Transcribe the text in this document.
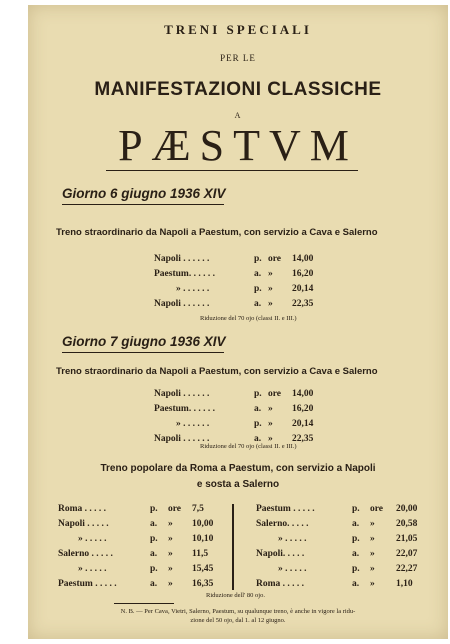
TRENI SPECIALI
PER LE
MANIFESTAZIONI CLASSICHE
A
PÆSTVM
Giorno 6 giugno 1936 XIV
Treno straordinario da Napoli a Paestum, con servizio a Cava e Salerno
Napoli . . . . . .	p. ore 14,00
Paestum. . . . . .	a. » 16,20
» . . . . . .	p. » 20,14
Napoli . . . . . .	a. » 22,35
Riduzione del 70 ojo (classi II. e III.)
Giorno 7 giugno 1936 XIV
Treno straordinario da Napoli a Paestum, con servizio a Cava e Salerno
Napoli . . . . . .	p. ore 14,00
Paestum. . . . . .	a. » 16,20
» . . . . . .	p. » 20,14
Napoli . . . . . .	a. » 22,35
Riduzione del 70 ojo (classi II. e III.)
Treno popolare da Roma a Paestum, con servizio a Napoli
e sosta a Salerno
Roma . . . . .	p. ore 7,5
Napoli . . . . .	a. » 10,00
» . . . . .	p. » 10,10
Salerno . . . . .	a. » 11,5
» . . . . .	p. » 15,45
Paestum . . . . .	a. » 16,35
Paestum . . . . .	p. ore 20,00
Salerno. . . . .	a. » 20,58
» . . . . .	p. » 21,05
Napoli. . . . .	a. » 22,07
» . . . . .	p. » 22,27
Roma . . . . .	a. » 1,10
Riduzione dell' 80 ojo.
N. B. — Per Cava, Vietri, Salerno, Paestum, su qualunque treno, è anche in vigore la ridu-
zione del 50 ojo, dal 1. al 12 giugno.
